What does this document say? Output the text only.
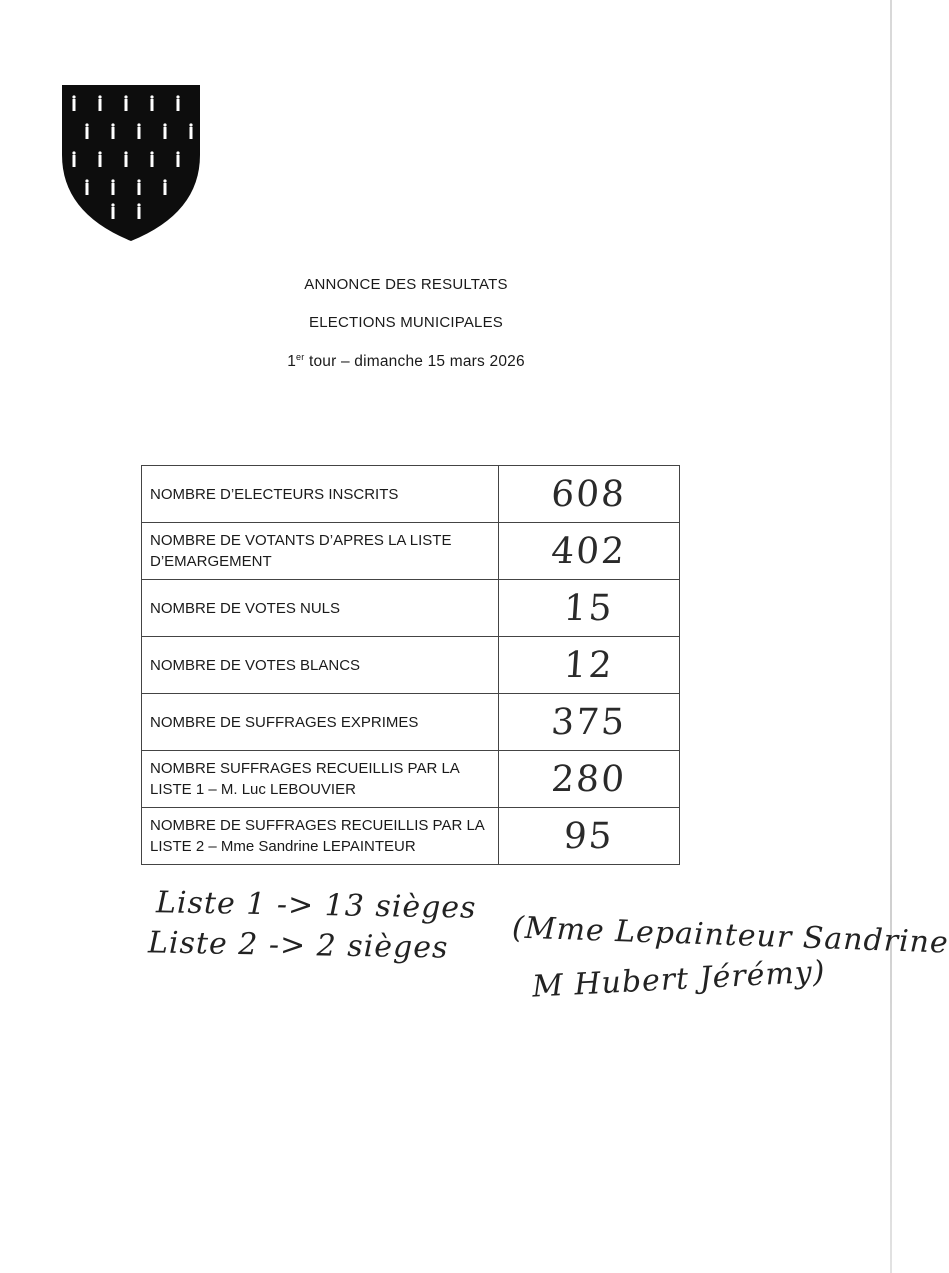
ANNONCE DES RESULTATS
ELECTIONS MUNICIPALES
1er tour – dimanche 15 mars 2026
NOMBRE D’ELECTEURS INSCRITS	608
NOMBRE DE VOTANTS D’APRES LA LISTE D’EMARGEMENT	402
NOMBRE DE VOTES NULS	15
NOMBRE DE VOTES BLANCS	12
NOMBRE DE SUFFRAGES EXPRIMES	375
NOMBRE SUFFRAGES RECUEILLIS PAR LA LISTE 1 – M. Luc LEBOUVIER	280
NOMBRE DE SUFFRAGES RECUEILLIS PAR LA LISTE 2 – Mme Sandrine LEPAINTEUR	95
Liste 1 -> 13 sièges
Liste 2 -> 2 sièges (Mme Lepainteur Sandrine
M Hubert Jérémy)
